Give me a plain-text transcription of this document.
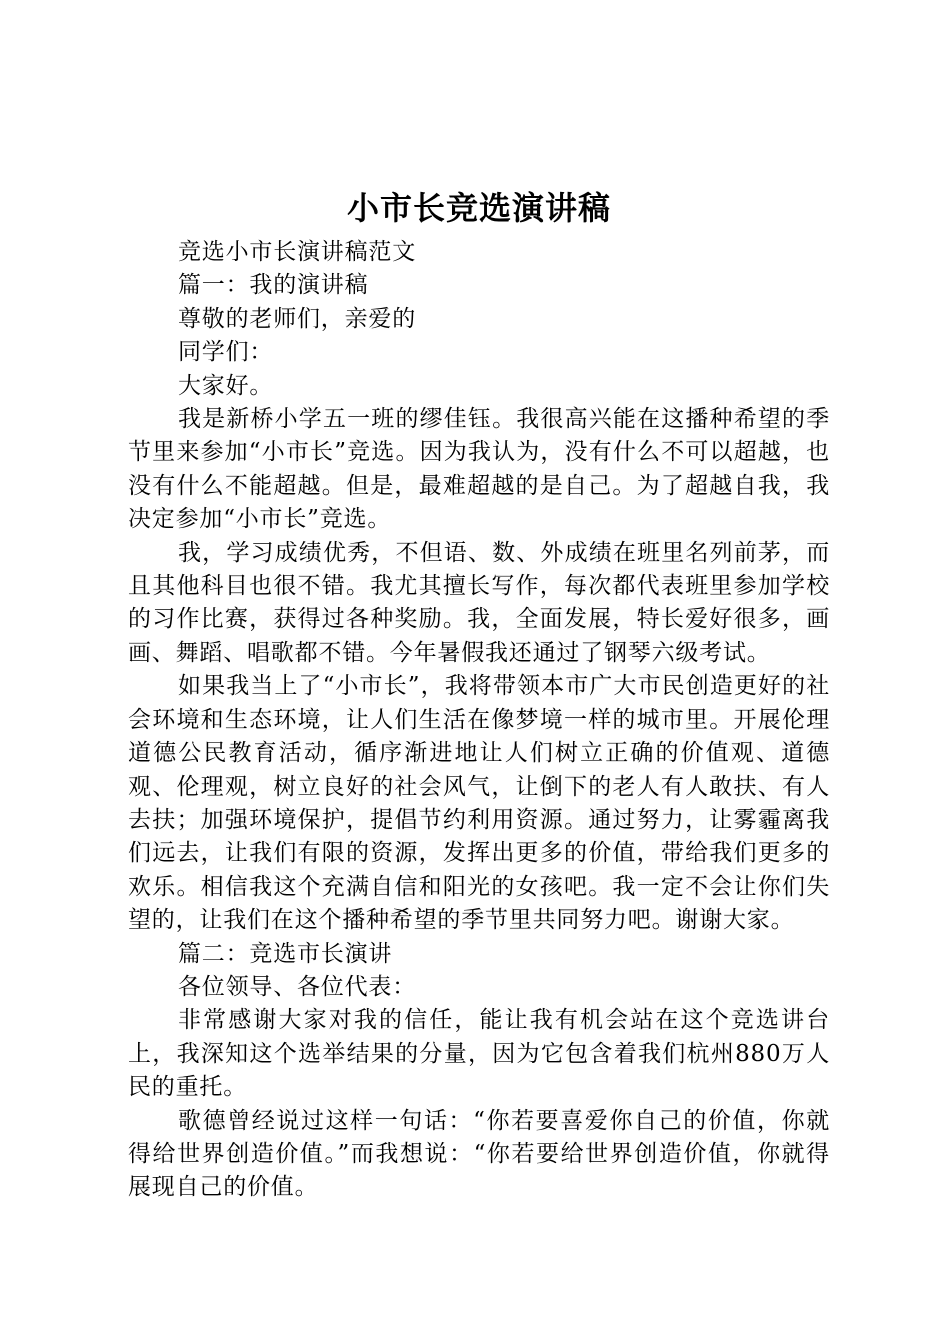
小市长竞选演讲稿

竞选小市长演讲稿范文

篇一：我的演讲稿

尊敬的老师们，亲爱的

同学们：

大家好。

我是新桥小学五一班的缪佳钰。我很高兴能在这播种希望的季节里来参加“小市长”竞选。因为我认为，没有什么不可以超越，也没有什么不能超越。但是，最难超越的是自己。为了超越自我，我决定参加“小市长”竞选。

我，学习成绩优秀，不但语、数、外成绩在班里名列前茅，而且其他科目也很不错。我尤其擅长写作，每次都代表班里参加学校的习作比赛，获得过各种奖励。我，全面发展，特长爱好很多，画画、舞蹈、唱歌都不错。今年暑假我还通过了钢琴六级考试。

如果我当上了“小市长”，我将带领本市广大市民创造更好的社会环境和生态环境，让人们生活在像梦境一样的城市里。开展伦理道德公民教育活动，循序渐进地让人们树立正确的价值观、道德观、伦理观，树立良好的社会风气，让倒下的老人有人敢扶、有人去扶；加强环境保护，提倡节约利用资源。通过努力，让雾霾离我们远去，让我们有限的资源，发挥出更多的价值，带给我们更多的欢乐。相信我这个充满自信和阳光的女孩吧。我一定不会让你们失望的，让我们在这个播种希望的季节里共同努力吧。谢谢大家。

篇二：竞选市长演讲

各位领导、各位代表：

非常感谢大家对我的信任，能让我有机会站在这个竞选讲台上，我深知这个选举结果的分量，因为它包含着我们杭州880万人民的重托。

歌德曾经说过这样一句话：“你若要喜爱你自己的价值，你就得给世界创造价值。”而我想说：“你若要给世界创造价值，你就得展现自己的价值。
